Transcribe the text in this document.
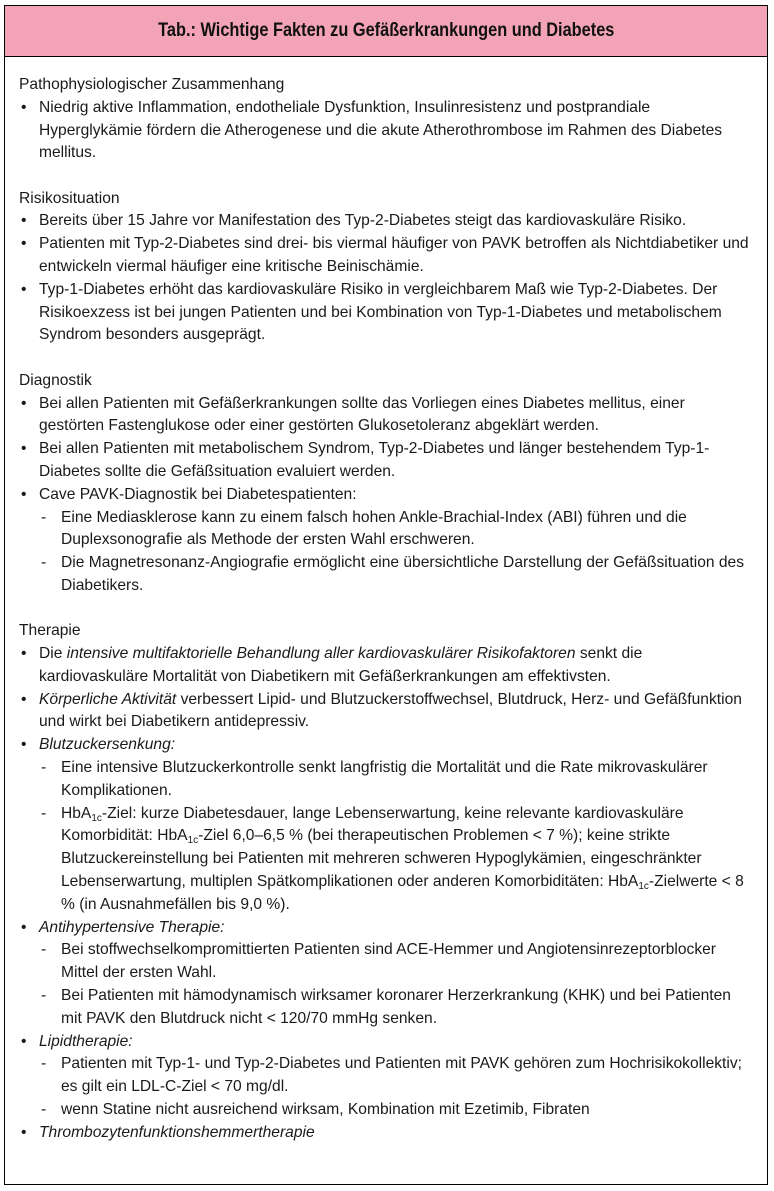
Tab.: Wichtige Fakten zu Gefäßerkrankungen und Diabetes
Pathophysiologischer Zusammenhang
• Niedrig aktive Inflammation, endotheliale Dysfunktion, Insulinresistenz und postprandiale Hyperglykämie fördern die Atherogenese und die akute Atherothrombose im Rahmen des Diabetes mellitus.
Risikosituation
• Bereits über 15 Jahre vor Manifestation des Typ-2-Diabetes steigt das kardiovaskuläre Risiko.
• Patienten mit Typ-2-Diabetes sind drei- bis viermal häufiger von PAVK betroffen als Nichtdiabetiker und entwickeln viermal häufiger eine kritische Beinischämie.
• Typ-1-Diabetes erhöht das kardiovaskuläre Risiko in vergleichbarem Maß wie Typ-2-Diabetes. Der Risikoexzess ist bei jungen Patienten und bei Kombination von Typ-1-Diabetes und metabolischem Syndrom besonders ausgeprägt.
Diagnostik
• Bei allen Patienten mit Gefäßerkrankungen sollte das Vorliegen eines Diabetes mellitus, einer gestörten Fastenglukose oder einer gestörten Glukosetoleranz abgeklärt werden.
• Bei allen Patienten mit metabolischem Syndrom, Typ-2-Diabetes und länger bestehendem Typ-1-Diabetes sollte die Gefäßsituation evaluiert werden.
• Cave PAVK-Diagnostik bei Diabetespatienten:
- Eine Mediasklerose kann zu einem falsch hohen Ankle-Brachial-Index (ABI) führen und die Duplexsonografie als Methode der ersten Wahl erschweren.
- Die Magnetresonanz-Angiografie ermöglicht eine übersichtliche Darstellung der Gefäßsituation des Diabetikers.
Therapie
• Die intensive multifaktorielle Behandlung aller kardiovaskulärer Risikofaktoren senkt die kardiovaskuläre Mortalität von Diabetikern mit Gefäßerkrankungen am effektivsten.
• Körperliche Aktivität verbessert Lipid- und Blutzuckerstoffwechsel, Blutdruck, Herz- und Gefäßfunktion und wirkt bei Diabetikern antidepressiv.
• Blutzuckersenkung:
- Eine intensive Blutzuckerkontrolle senkt langfristig die Mortalität und die Rate mikrovaskulärer Komplikationen.
- HbA$_{1c}$-Ziel: kurze Diabetesdauer, lange Lebenserwartung, keine relevante kardiovaskuläre Komorbidität: HbA$_{1c}$-Ziel 6,0–6,5 % (bei therapeutischen Problemen < 7 %); keine strikte Blutzuckereinstellung bei Patienten mit mehreren schweren Hypoglykämien, eingeschränkter Lebenserwartung, multiplen Spätkomplikationen oder anderen Komorbiditäten: HbA$_{1c}$-Zielwerte < 8 % (in Ausnahmefällen bis 9,0 %).
• Antihypertensive Therapie:
- Bei stoffwechselkompromittierten Patienten sind ACE-Hemmer und Angiotensinrezeptorblocker Mittel der ersten Wahl.
- Bei Patienten mit hämodynamisch wirksamer koronarer Herzerkrankung (KHK) und bei Patienten mit PAVK den Blutdruck nicht < 120/70 mmHg senken.
• Lipidtherapie:
- Patienten mit Typ-1- und Typ-2-Diabetes und Patienten mit PAVK gehören zum Hochrisikokollektiv; es gilt ein LDL-C-Ziel < 70 mg/dl.
- wenn Statine nicht ausreichend wirksam, Kombination mit Ezetimib, Fibraten
• Thrombozytenfunktionshemmertherapie
